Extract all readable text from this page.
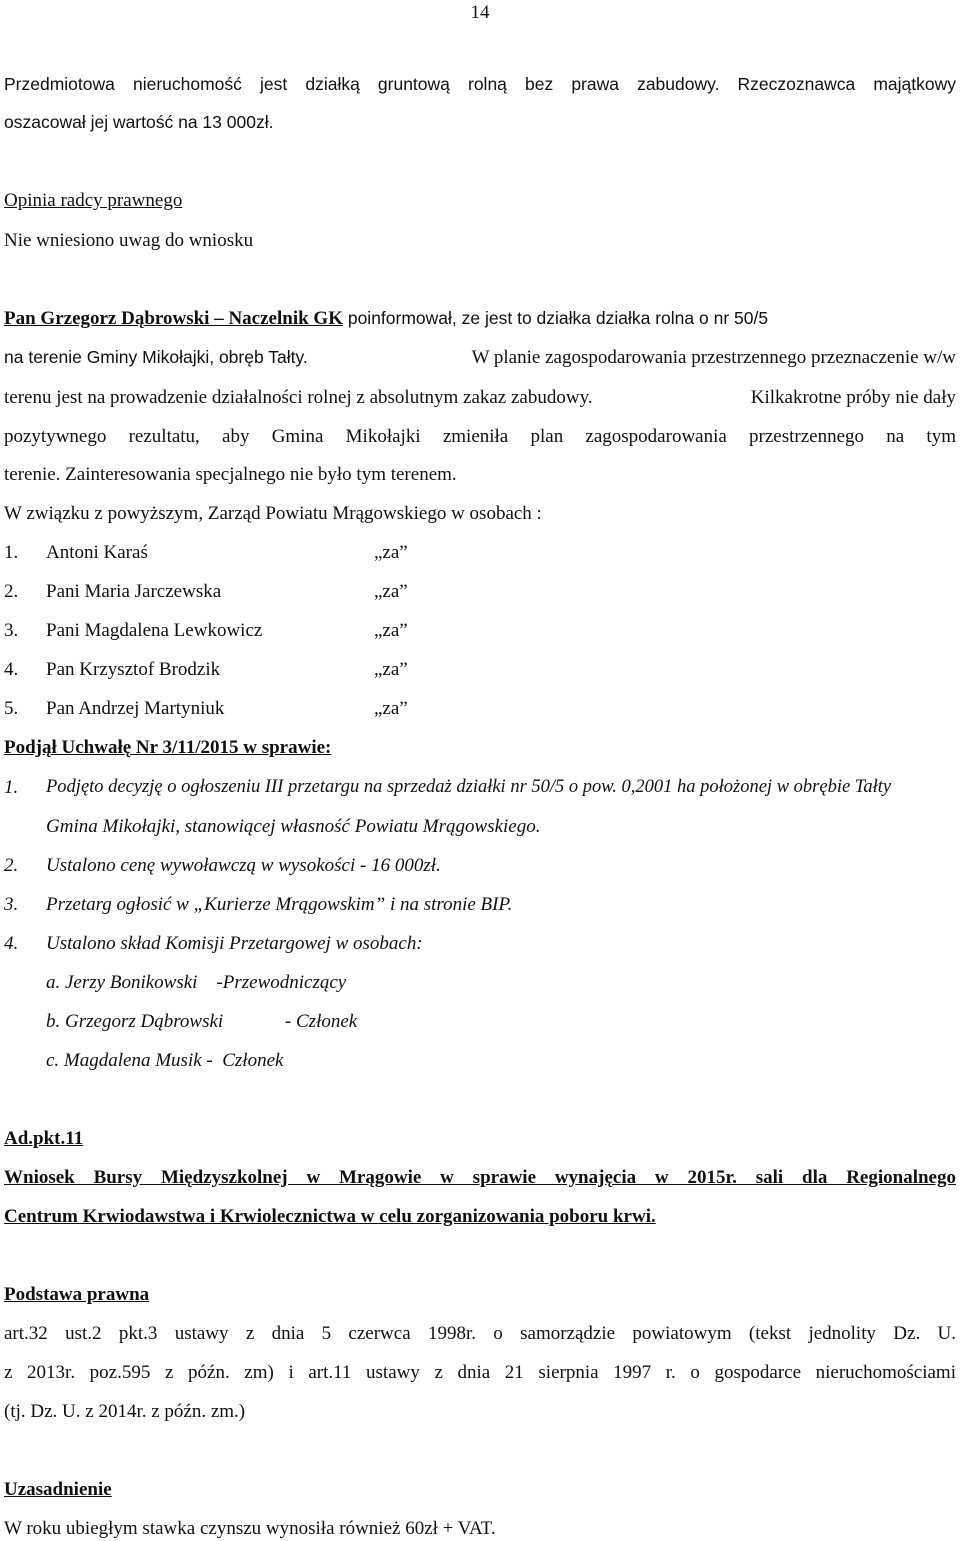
14
Przedmiotowa nieruchomość jest działką gruntową rolną bez prawa zabudowy. Rzeczoznawca majątkowy
oszacował jej wartość na 13 000zł.
Opinia radcy prawnego
Nie wniesiono uwag do wniosku
Pan Grzegorz Dąbrowski – Naczelnik GK poinformował, ze jest to działka działka rolna o nr 50/5
na terenie Gminy Mikołajki, obręb Tałty.	W planie zagospodarowania przestrzennego przeznaczenie w/w
terenu jest na prowadzenie działalności rolnej z absolutnym zakaz zabudowy.	Kilkakrotne próby nie dały
pozytywnego rezultatu, aby Gmina Mikołajki zmieniła plan zagospodarowania przestrzennego na tym
terenie. Zainteresowania specjalnego nie było tym terenem.
W związku z powyższym, Zarząd Powiatu Mrągowskiego w osobach :
1. Antoni Karaś	„za”
2. Pani Maria Jarczewska	„za”
3. Pani Magdalena Lewkowicz	„za”
4. Pan Krzysztof Brodzik	„za”
5. Pan Andrzej Martyniuk	„za”
Podjął Uchwałę Nr 3/11/2015 w sprawie:
1. Podjęto decyzję o ogłoszeniu III przetargu na sprzedaż działki nr 50/5 o pow. 0,2001 ha położonej w obrębie Tałty
Gmina Mikołajki, stanowiącej własność Powiatu Mrągowskiego.
2. Ustalono cenę wywoławczą w wysokości - 16 000zł.
3. Przetarg ogłosić w „Kurierze Mrągowskim” i na stronie BIP.
4. Ustalono skład Komisji Przetargowej w osobach:
a. Jerzy Bonikowski    -Przewodniczący
b. Grzegorz Dąbrowski             - Członek
c. Magdalena Musik -  Członek
Ad.pkt.11
Wniosek Bursy Międzyszkolnej w Mrągowie w sprawie wynajęcia w 2015r. sali dla Regionalnego
Centrum Krwiodawstwa i Krwiolecznictwa w celu zorganizowania poboru krwi.
Podstawa prawna
art.32 ust.2 pkt.3 ustawy z dnia 5 czerwca 1998r. o samorządzie powiatowym (tekst jednolity Dz. U.
z 2013r. poz.595 z późn. zm) i art.11 ustawy z dnia 21 sierpnia 1997 r. o gospodarce nieruchomościami
(tj. Dz. U. z 2014r. z późn. zm.)
Uzasadnienie
W roku ubiegłym stawka czynszu wynosiła również 60zł + VAT.
